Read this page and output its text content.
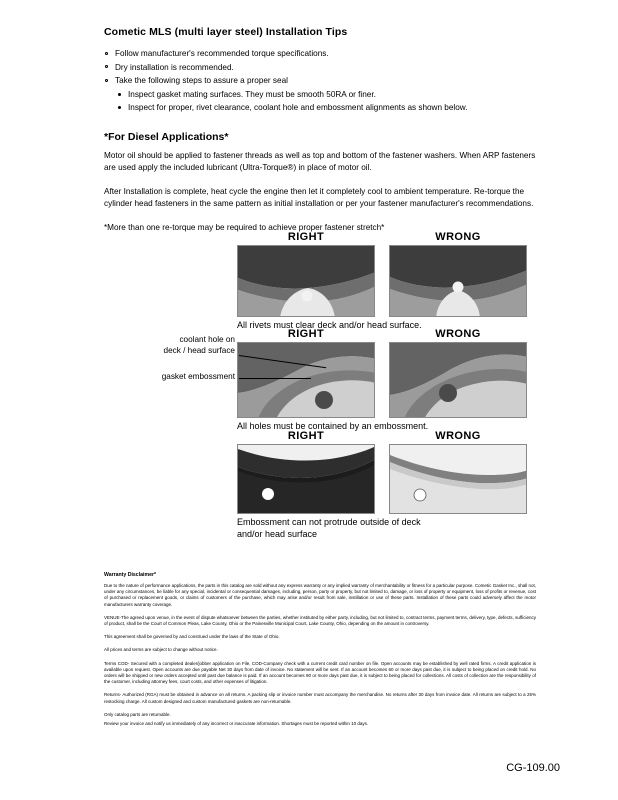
Cometic MLS (multi layer steel) Installation Tips
Follow manufacturer's recommended torque specifications.
Dry installation is recommended.
Take the following steps to assure a proper seal
Inspect gasket mating surfaces. They must be smooth 50RA or finer.
Inspect for proper, rivet clearance, coolant hole and embossment alignments as shown below.
*For Diesel Applications*

Motor oil should be applied to fastener threads as well as top and bottom of the fastener washers. When ARP fasteners are used apply the included lubricant (Ultra-Torque®) in place of motor oil.

After Installation is complete, heat cycle the engine then let it completely cool to ambient temperature. Re-torque the cylinder head fasteners in the same pattern as initial installation or per your fastener manufacturer's recommendations.

*More than one re-torque may be required to achieve proper fastener stretch*

RIGHT	WRONG
All rivets must clear deck and/or head surface.
RIGHT	WRONG
All holes must be contained by an embossment.
coolant hole on
deck / head surface
gasket embossment
RIGHT	WRONG
Embossment can not protrude outside of deck
and/or head surface
Warranty Disclaimer*

Due to the nature of performance applications, the parts in this catalog are sold without any express warranty or any implied warranty of merchantability or fitness for a particular purpose. Cometic Gasket Inc., shall not, under any circumstances, be liable for any special, incidental or consequential damages, including, person, party or property, but not limited to, damage, or loss of property or equipment, loss of profits or revenue, cost of purchased or replacement goods, or claims of customers of the purchase, which may arise and/or result from sale, instillation or use of these parts. Installation of these parts could adversely affect the motor manufacturers warranty coverage.

VENUE-The agreed upon venue, in the event of dispute whatsoever between the parties, whether instituted by either party, including, but not limited to, contract terms, payment terms, delivery, type, defects, sufficiency of product, shall be the Court of Common Pleas, Lake County, Ohio or the Painesville Municipal Court, Lake County, Ohio, depending on the amount in controversy.

This agreement shall be governed by and construed under the laws of the State of Ohio.

All prices and terms are subject to change without notice.

Terms COD- Secured with a completed dealer/jobber application on File, COD-Company check with a current credit card number on file. Open accounts may be established by well rated firms. A credit application is available upon request. Open accounts are due payable Net 30 days from date of invoice. No statement will be sent. If an account becomes 60 or more days past due, it is subject to being placed on credit hold. No orders will be shipped or new orders accepted until past due balance is paid. If an account becomes 90 or more days past due, it is subject to being placed for collections. All costs of collection are the responsibility of the customer, including attorney fees, court costs, and other expenses of litigation.

Returns- Authorized (RGA) must be obtained in advance on all returns. A packing slip or invoice number must accompany the merchandise. No returns after 30 days from invoice date. All returns are subject to a 25% restocking charge. All custom designed and custom manufactured gaskets are non-returnable.

Only catalog parts are returnable.

Review your invoice and notify us immediately of any incorrect or inaccurate information. Shortages must be reported within 10 days.

CG-109.00
